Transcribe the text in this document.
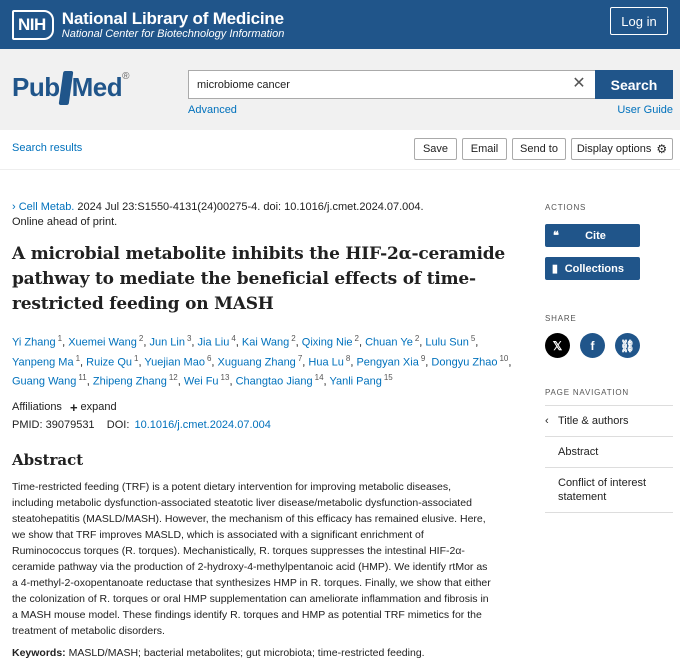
NIH National Library of Medicine
National Center for Biotechnology Information
Log in
Pub Med®
microbiome cancer	✕	Search
Advanced	User Guide
Search results	Save	Email	Send to	Display options ⚙
› Cell Metab. 2024 Jul 23:S1550-4131(24)00275-4. doi: 10.1016/j.cmet.2024.07.004.
Online ahead of print.
A microbial metabolite inhibits the HIF-2α-ceramide pathway to mediate the beneficial effects of time-restricted feeding on MASH
Yi Zhang $^1$, Xuemei Wang $^2$, Jun Lin $^3$, Jia Liu $^4$, Kai Wang $^2$, Qixing Nie $^2$, Chuan Ye $^2$, Lulu Sun $^5$, Yanpeng Ma $^1$, Ruize Qu $^1$, Yuejian Mao $^6$, Xuguang Zhang $^7$, Hua Lu $^8$, Pengyan Xia $^9$, Dongyu Zhao $^{10}$, Guang Wang $^{11}$, Zhipeng Zhang $^{12}$, Wei Fu $^{13}$, Changtao Jiang $^{14}$, Yanli Pang $^{15}$
Affiliations + expand
PMID: 39079531 DOI: 10.1016/j.cmet.2024.07.004
Abstract

Time-restricted feeding (TRF) is a potent dietary intervention for improving metabolic diseases, including metabolic dysfunction-associated steatotic liver disease/metabolic dysfunction-associated steatohepatitis (MASLD/MASH). However, the mechanism of this efficacy has remained elusive. Here, we show that TRF improves MASLD, which is associated with a significant enrichment of Ruminococcus torques (R. torques). Mechanistically, R. torques suppresses the intestinal HIF-2α-ceramide pathway via the production of 2-hydroxy-4-methylpentanoic acid (HMP). We identify rtMor as a 4-methyl-2-oxopentanoate reductase that synthesizes HMP in R. torques. Finally, we show that either the colonization of R. torques or oral HMP supplementation can ameliorate inflammation and fibrosis in a MASH mouse model. These findings identify R. torques and HMP as potential TRF mimetics for the treatment of metabolic disorders.

Keywords: MASLD/MASH; bacterial metabolites; gut microbiota; time-restricted feeding.

ACTIONS
❝	Cite
▮ Collections
SHARE
𝕏	f	⛓
PAGE NAVIGATION
‹ Title & authors
Abstract
Conflict of interest statement
